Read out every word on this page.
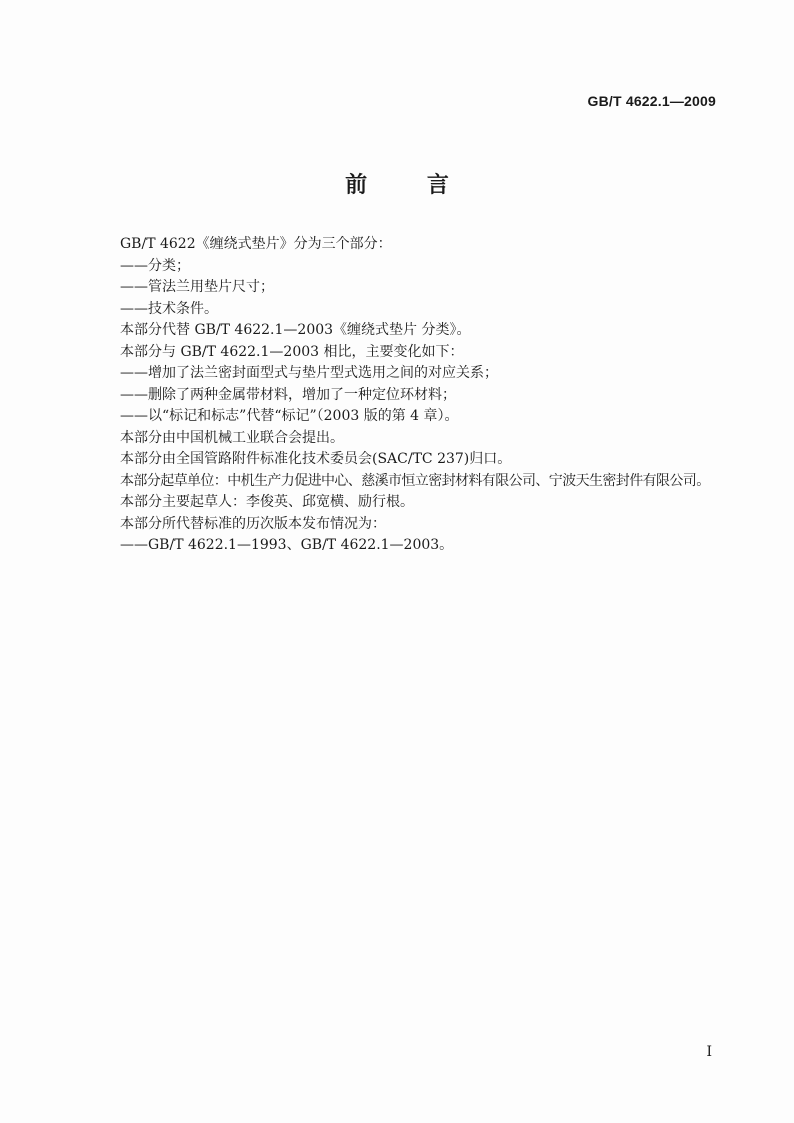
GB/T 4622.1—2009
前 言
GB/T 4622《缠绕式垫片》分为三个部分：
——分类；
——管法兰用垫片尺寸；
——技术条件。
本部分代替 GB/T 4622.1—2003《缠绕式垫片 分类》。
本部分与 GB/T 4622.1—2003 相比，主要变化如下：
——增加了法兰密封面型式与垫片型式选用之间的对应关系；
——删除了两种金属带材料，增加了一种定位环材料；
——以“标记和标志”代替“标记”（2003 版的第 4 章）。
本部分由中国机械工业联合会提出。
本部分由全国管路附件标准化技术委员会(SAC/TC 237)归口。
本部分起草单位：中机生产力促进中心、慈溪市恒立密封材料有限公司、宁波天生密封件有限公司。
本部分主要起草人：李俊英、邱宽横、励行根。
本部分所代替标准的历次版本发布情况为：
——GB/T 4622.1—1993、GB/T 4622.1—2003。
I
